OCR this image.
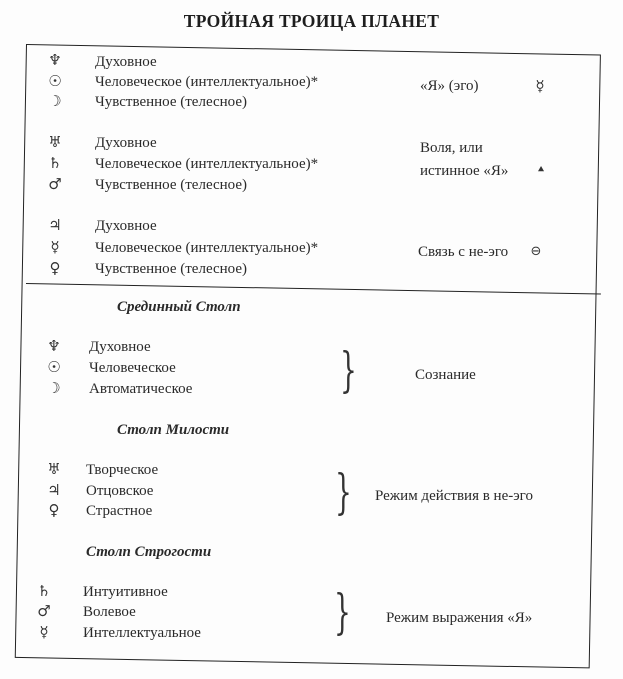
ТРОЙНАЯ ТРОИЦА ПЛАНЕТ
♆ Духовное
☉ Человеческое (интеллектуальное)*
☽ Чувственное (телесное)
«Я» (эго)	☿
♅ Духовное
♄ Человеческое (интеллектуальное)*
♂ Чувственное (телесное)
Воля, или
истинное «Я»	⯅
♃ Духовное
☿ Человеческое (интеллектуальное)*
♀ Чувственное (телесное)
Связь с не-эго ⊖
Срединный Столп
♆ Духовное
☉ Человеческое
☽ Автоматическое	}	Сознание
Столп Милости
♅ Творческое
♃ Отцовское
♀ Страстное	} Режим действия в не-эго
Столп Строгости
♄ Интуитивное
♂ Волевое
☿ Интеллектуальное	} Режим выражения «Я»
